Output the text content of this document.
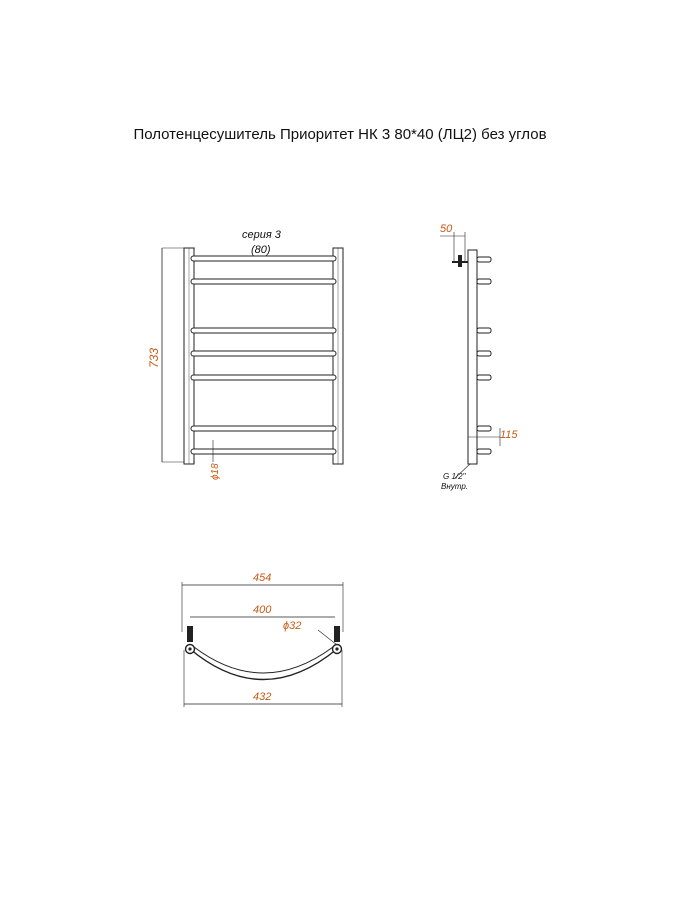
Полотенцесушитель Приоритет НК 3 80*40 (ЛЦ2) без углов
733
серия 3
(80)
ϕ18
50
115
G 1/2"
Внутр.
454
400
ϕ32
432
